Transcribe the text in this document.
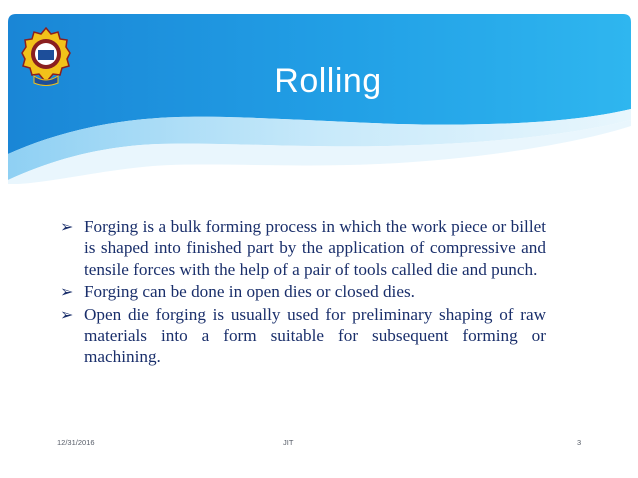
Rolling
➢ Forging is a bulk forming process in which the work piece or billet is shaped into finished part by the application of compressive and tensile forces with the help of a pair of tools called die and punch.
➢ Forging can be done in open dies or closed dies.
➢ Open die forging is usually used for preliminary shaping of raw materials into a form suitable for subsequent forming or machining.
12/31/2016	JIT	3
